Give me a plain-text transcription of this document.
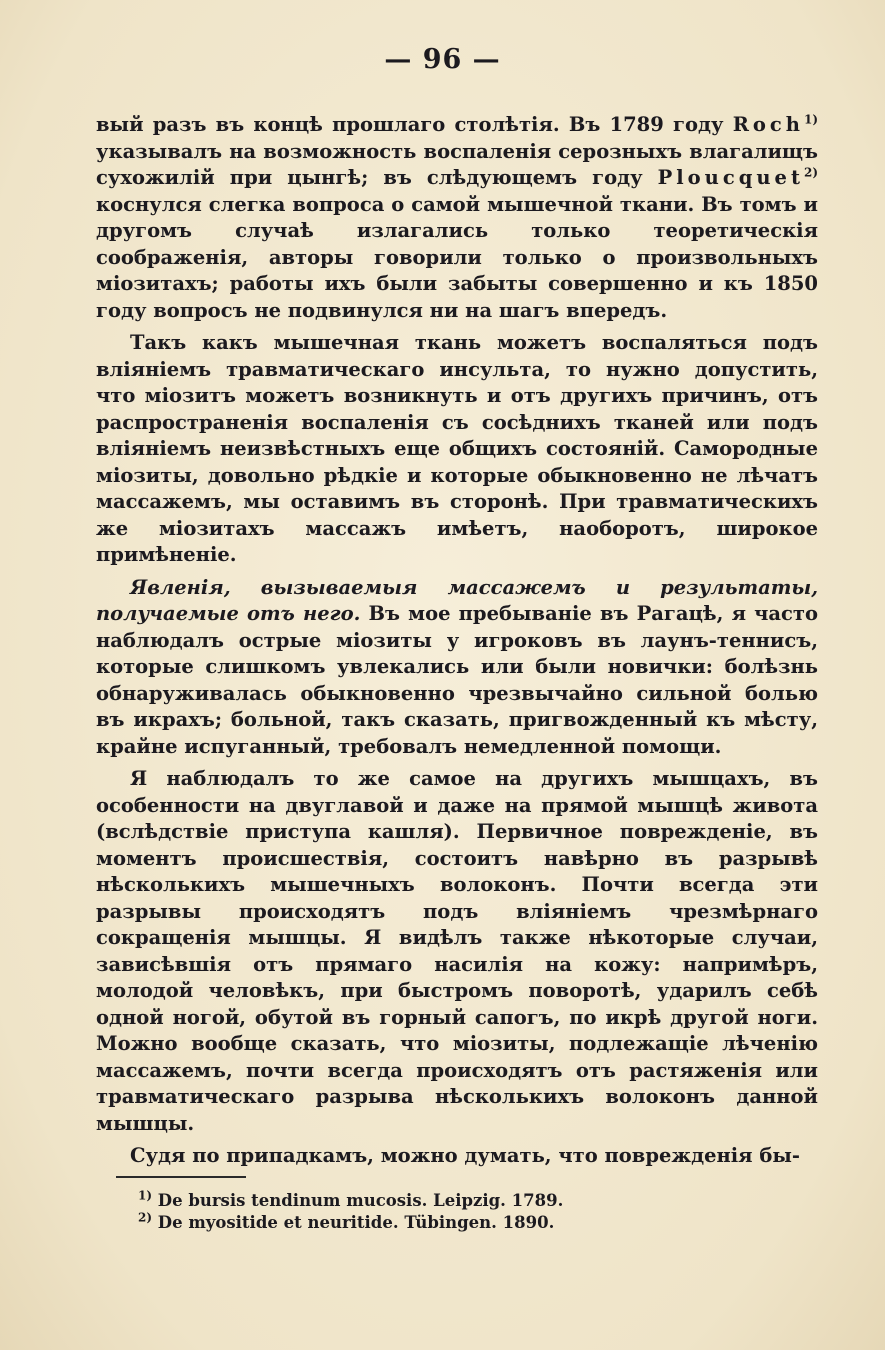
— 96 —

вый разъ въ концѣ прошлаго столѣтія. Въ 1789 году Roch$^{1)}$ указывалъ на возможность воспаленія серозныхъ влагалищъ сухожилій при цынгѣ; въ слѣдующемъ году Ploucquet$^{2)}$ коснулся слегка вопроса о самой мышечной ткани. Въ томъ и другомъ случаѣ излагались только теоретическія соображенія, авторы говорили только о произвольныхъ міозитахъ; работы ихъ были забыты совершенно и къ 1850 году вопросъ не подвинулся ни на шагъ впередъ.

Такъ какъ мышечная ткань можетъ воспаляться подъ вліяніемъ травматическаго инсульта, то нужно допустить, что міозитъ можетъ возникнуть и отъ другихъ причинъ, отъ распространенія воспаленія съ сосѣднихъ тканей или подъ вліяніемъ неизвѣстныхъ еще общихъ состояній. Самородные міозиты, довольно рѣдкіе и которые обыкновенно не лѣчатъ массажемъ, мы оставимъ въ сторонѣ. При травматическихъ же міозитахъ массажъ имѣетъ, наоборотъ, широкое примѣненіе.

Явленія, вызываемыя массажемъ и результаты, получаемые отъ него. Въ мое пребываніе въ Рагацѣ, я часто наблюдалъ острые міозиты у игроковъ въ лаунъ-теннисъ, которые слишкомъ увлекались или были новички: болѣзнь обнаруживалась обыкновенно чрезвычайно сильной болью въ икрахъ; больной, такъ сказать, пригвожденный къ мѣсту, крайне испуганный, требовалъ немедленной помощи.

Я наблюдалъ то же самое на другихъ мышцахъ, въ особенности на двуглавой и даже на прямой мышцѣ живота (вслѣдствіе приступа кашля). Первичное поврежденіе, въ моментъ происшествія, состоитъ навѣрно въ разрывѣ нѣсколькихъ мышечныхъ волоконъ. Почти всегда эти разрывы происходятъ подъ вліяніемъ чрезмѣрнаго сокращенія мышцы. Я видѣлъ также нѣкоторые случаи, зависѣвшія отъ прямаго насилія на кожу: напримѣръ, молодой человѣкъ, при быстромъ поворотѣ, ударилъ себѣ одной ногой, обутой въ горный сапогъ, по икрѣ другой ноги. Можно вообще сказать, что міозиты, подлежащіе лѣченію массажемъ, почти всегда происходятъ отъ растяженія или травматическаго разрыва нѣсколькихъ волоконъ данной мышцы.

Судя по припадкамъ, можно думать, что поврежденія бы-

$^{1)}$ De bursis tendinum mucosis. Leipzig. 1789.

$^{2)}$ De myositide et neuritide. Tübingen. 1890.
